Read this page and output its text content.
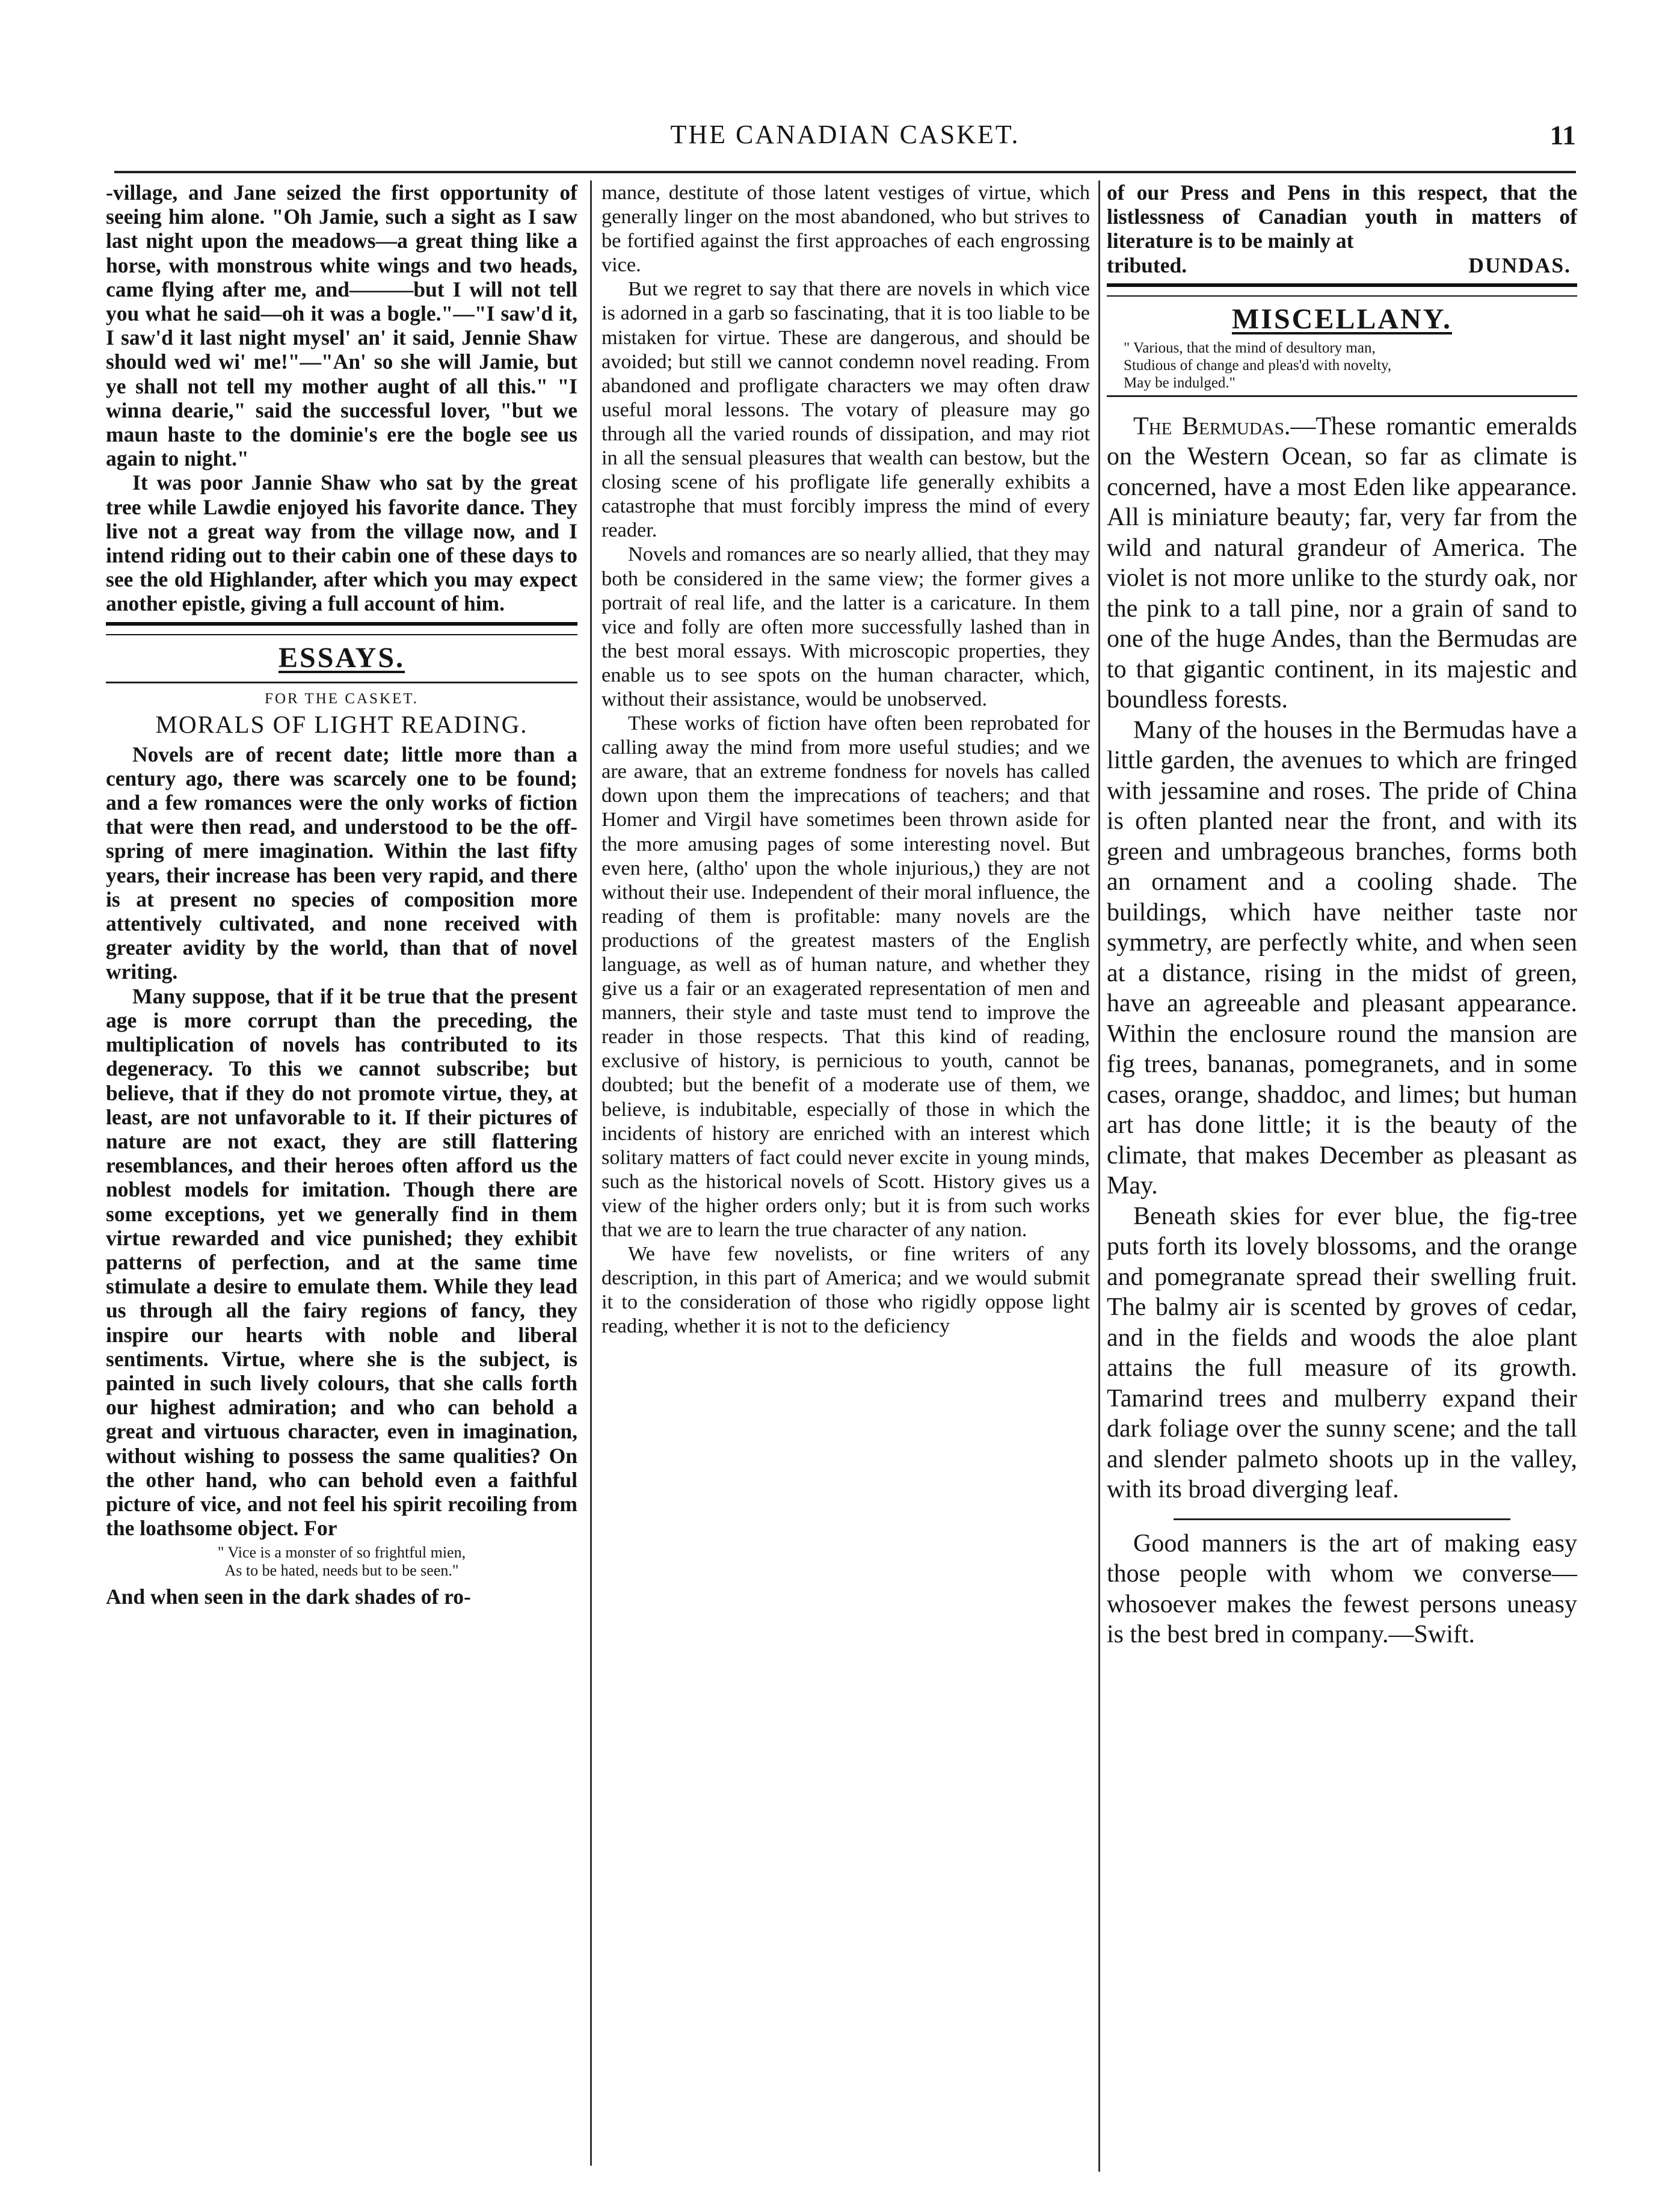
THE CANADIAN CASKET.	11

-village, and Jane seized the first opportunity of seeing him alone. "Oh Jamie, such a sight as I saw last night upon the meadows—a great thing like a horse, with monstrous white wings and two heads, came flying after me, and———but I will not tell you what he said—oh it was a bogle."—"I saw'd it, I saw'd it last night mysel' an' it said, Jennie Shaw should wed wi' me!"—"An' so she will Jamie, but ye shall not tell my mother aught of all this." "I winna dearie," said the successful lover, "but we maun haste to the dominie's ere the bogle see us again to night."

It was poor Jannie Shaw who sat by the great tree while Lawdie enjoyed his favorite dance. They live not a great way from the village now, and I intend riding out to their cabin one of these days to see the old Highlander, after which you may expect another epistle, giving a full account of him.

ESSAYS.
FOR THE CASKET.
MORALS OF LIGHT READING.

Novels are of recent date; little more than a century ago, there was scarcely one to be found; and a few romances were the only works of fiction that were then read, and understood to be the off-spring of mere imagination. Within the last fifty years, their increase has been very rapid, and there is at present no species of composition more attentively cultivated, and none received with greater avidity by the world, than that of novel writing.

Many suppose, that if it be true that the present age is more corrupt than the preceding, the multiplication of novels has contributed to its degeneracy. To this we cannot subscribe; but believe, that if they do not promote virtue, they, at least, are not unfavorable to it. If their pictures of nature are not exact, they are still flattering resemblances, and their heroes often afford us the noblest models for imitation. Though there are some exceptions, yet we generally find in them virtue rewarded and vice punished; they exhibit patterns of perfection, and at the same time stimulate a desire to emulate them. While they lead us through all the fairy regions of fancy, they inspire our hearts with noble and liberal sentiments. Virtue, where she is the subject, is painted in such lively colours, that she calls forth our highest admiration; and who can behold a great and virtuous character, even in imagination, without wishing to possess the same qualities? On the other hand, who can behold even a faithful picture of vice, and not feel his spirit recoiling from the loathsome object. For

" Vice is a monster of so frightful mien,
As to be hated, needs but to be seen."

And when seen in the dark shades of ro-

mance, destitute of those latent vestiges of virtue, which generally linger on the most abandoned, who but strives to be fortified against the first approaches of each engrossing vice.

But we regret to say that there are novels in which vice is adorned in a garb so fascinating, that it is too liable to be mistaken for virtue. These are dangerous, and should be avoided; but still we cannot condemn novel reading. From abandoned and profligate characters we may often draw useful moral lessons. The votary of pleasure may go through all the varied rounds of dissipation, and may riot in all the sensual pleasures that wealth can bestow, but the closing scene of his profligate life generally exhibits a catastrophe that must forcibly impress the mind of every reader.

Novels and romances are so nearly allied, that they may both be considered in the same view; the former gives a portrait of real life, and the latter is a caricature. In them vice and folly are often more successfully lashed than in the best moral essays. With microscopic properties, they enable us to see spots on the human character, which, without their assistance, would be unobserved.

These works of fiction have often been reprobated for calling away the mind from more useful studies; and we are aware, that an extreme fondness for novels has called down upon them the imprecations of teachers; and that Homer and Virgil have sometimes been thrown aside for the more amusing pages of some interesting novel. But even here, (altho' upon the whole injurious,) they are not without their use. Independent of their moral influence, the reading of them is profitable: many novels are the productions of the greatest masters of the English language, as well as of human nature, and whether they give us a fair or an exagerated representation of men and manners, their style and taste must tend to improve the reader in those respects. That this kind of reading, exclusive of history, is pernicious to youth, cannot be doubted; but the benefit of a moderate use of them, we believe, is indubitable, especially of those in which the incidents of history are enriched with an interest which solitary matters of fact could never excite in young minds, such as the historical novels of Scott. History gives us a view of the higher orders only; but it is from such works that we are to learn the true character of any nation.

We have few novelists, or fine writers of any description, in this part of America; and we would submit it to the consideration of those who rigidly oppose light reading, whether it is not to the deficiency

of our Press and Pens in this respect, that the listlessness of Canadian youth in matters of literature is to be mainly at

tributed.	DUNDAS.
MISCELLANY.
" Various, that the mind of desultory man,
Studious of change and pleas'd with novelty,
May be indulged."

The Bermudas.—These romantic emeralds on the Western Ocean, so far as climate is concerned, have a most Eden like appearance. All is miniature beauty; far, very far from the wild and natural grandeur of America. The violet is not more unlike to the sturdy oak, nor the pink to a tall pine, nor a grain of sand to one of the huge Andes, than the Bermudas are to that gigantic continent, in its majestic and boundless forests.

Many of the houses in the Bermudas have a little garden, the avenues to which are fringed with jessamine and roses. The pride of China is often planted near the front, and with its green and umbrageous branches, forms both an ornament and a cooling shade. The buildings, which have neither taste nor symmetry, are perfectly white, and when seen at a distance, rising in the midst of green, have an agreeable and pleasant appearance. Within the enclosure round the mansion are fig trees, bananas, pomegranets, and in some cases, orange, shaddoc, and limes; but human art has done little; it is the beauty of the climate, that makes December as pleasant as May.

Beneath skies for ever blue, the fig-tree puts forth its lovely blossoms, and the orange and pomegranate spread their swelling fruit. The balmy air is scented by groves of cedar, and in the fields and woods the aloe plant attains the full measure of its growth. Tamarind trees and mulberry expand their dark foliage over the sunny scene; and the tall and slender palmeto shoots up in the valley, with its broad diverging leaf.

Good manners is the art of making easy those people with whom we converse—whosoever makes the fewest persons uneasy is the best bred in company.—Swift.
